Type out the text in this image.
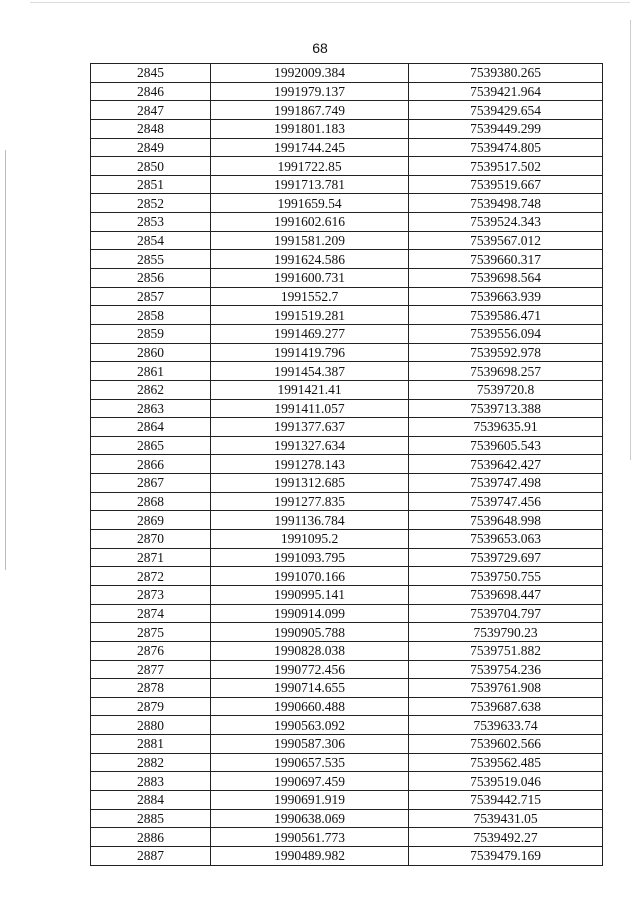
68
2845	1992009.384	7539380.265
2846	1991979.137	7539421.964
2847	1991867.749	7539429.654
2848	1991801.183	7539449.299
2849	1991744.245	7539474.805
2850	1991722.85	7539517.502
2851	1991713.781	7539519.667
2852	1991659.54	7539498.748
2853	1991602.616	7539524.343
2854	1991581.209	7539567.012
2855	1991624.586	7539660.317
2856	1991600.731	7539698.564
2857	1991552.7	7539663.939
2858	1991519.281	7539586.471
2859	1991469.277	7539556.094
2860	1991419.796	7539592.978
2861	1991454.387	7539698.257
2862	1991421.41	7539720.8
2863	1991411.057	7539713.388
2864	1991377.637	7539635.91
2865	1991327.634	7539605.543
2866	1991278.143	7539642.427
2867	1991312.685	7539747.498
2868	1991277.835	7539747.456
2869	1991136.784	7539648.998
2870	1991095.2	7539653.063
2871	1991093.795	7539729.697
2872	1991070.166	7539750.755
2873	1990995.141	7539698.447
2874	1990914.099	7539704.797
2875	1990905.788	7539790.23
2876	1990828.038	7539751.882
2877	1990772.456	7539754.236
2878	1990714.655	7539761.908
2879	1990660.488	7539687.638
2880	1990563.092	7539633.74
2881	1990587.306	7539602.566
2882	1990657.535	7539562.485
2883	1990697.459	7539519.046
2884	1990691.919	7539442.715
2885	1990638.069	7539431.05
2886	1990561.773	7539492.27
2887	1990489.982	7539479.169
